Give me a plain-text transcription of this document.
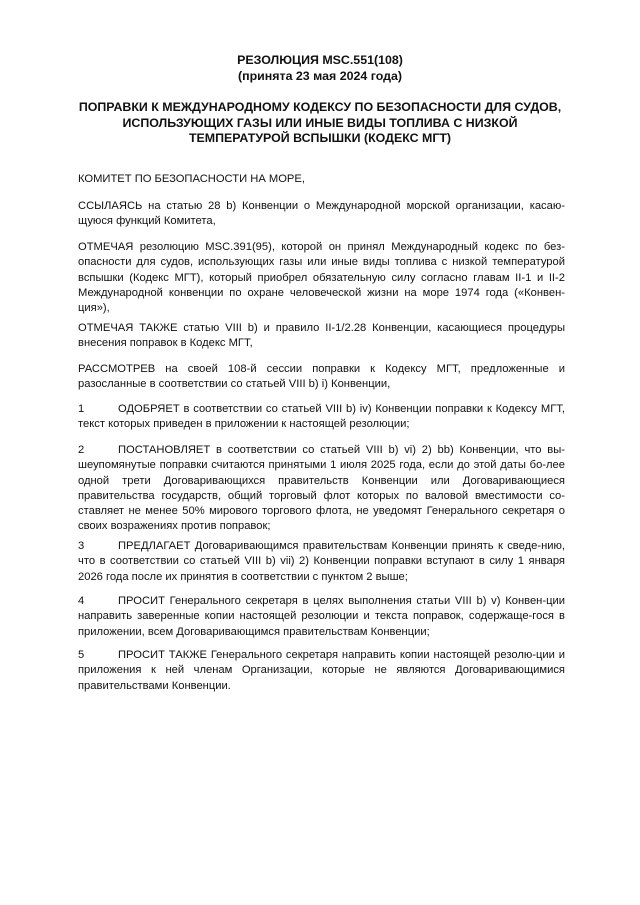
РЕЗОЛЮЦИЯ MSC.551(108)
(принята 23 мая 2024 года)
ПОПРАВКИ К МЕЖДУНАРОДНОМУ КОДЕКСУ ПО БЕЗОПАСНОСТИ ДЛЯ СУДОВ,
ИСПОЛЬЗУЮЩИХ ГАЗЫ ИЛИ ИНЫЕ ВИДЫ ТОПЛИВА С НИЗКОЙ
ТЕМПЕРАТУРОЙ ВСПЫШКИ (КОДЕКС МГТ)
КОМИТЕТ ПО БЕЗОПАСНОСТИ НА МОРЕ,
ССЫЛАЯСЬ на статью 28 b) Конвенции о Международной морской организации, касаю-щуюся функций Комитета,
ОТМЕЧАЯ резолюцию MSC.391(95), которой он принял Международный кодекс по без-опасности для судов, использующих газы или иные виды топлива с низкой температурой вспышки (Кодекс МГТ), который приобрел обязательную силу согласно главам II-1 и II-2 Международной конвенции по охране человеческой жизни на море 1974 года («Конвен-ция»),
ОТМЕЧАЯ ТАКЖЕ статью VIII b) и правило II-1/2.28 Конвенции, касающиеся процедуры внесения поправок в Кодекс МГТ,
РАССМОТРЕВ на своей 108-й сессии поправки к Кодексу МГТ, предложенные и разосланные в соответствии со статьей VIII b) i) Конвенции,
1	ОДОБРЯЕТ в соответствии со статьей VIII b) iv) Конвенции поправки к Кодексу МГТ, текст которых приведен в приложении к настоящей резолюции;
2	ПОСТАНОВЛЯЕТ в соответствии со статьей VIII b) vi) 2) bb) Конвенции, что вы-шеупомянутые поправки считаются принятыми 1 июля 2025 года, если до этой даты бо-лее одной трети Договаривающихся правительств Конвенции или Договаривающиеся правительства государств, общий торговый флот которых по валовой вместимости со-ставляет не менее 50% мирового торгового флота, не уведомят Генерального секретаря о своих возражениях против поправок;
3	ПРЕДЛАГАЕТ Договаривающимся правительствам Конвенции принять к сведе-нию, что в соответствии со статьей VIII b) vii) 2) Конвенции поправки вступают в силу 1 января 2026 года после их принятия в соответствии с пунктом 2 выше;
4	ПРОСИТ Генерального секретаря в целях выполнения статьи VIII b) v) Конвен-ции направить заверенные копии настоящей резолюции и текста поправок, содержаще-гося в приложении, всем Договаривающимся правительствам Конвенции;
5	ПРОСИТ ТАКЖЕ Генерального секретаря направить копии настоящей резолю-ции и приложения к ней членам Организации, которые не являются Договаривающимися правительствами Конвенции.
